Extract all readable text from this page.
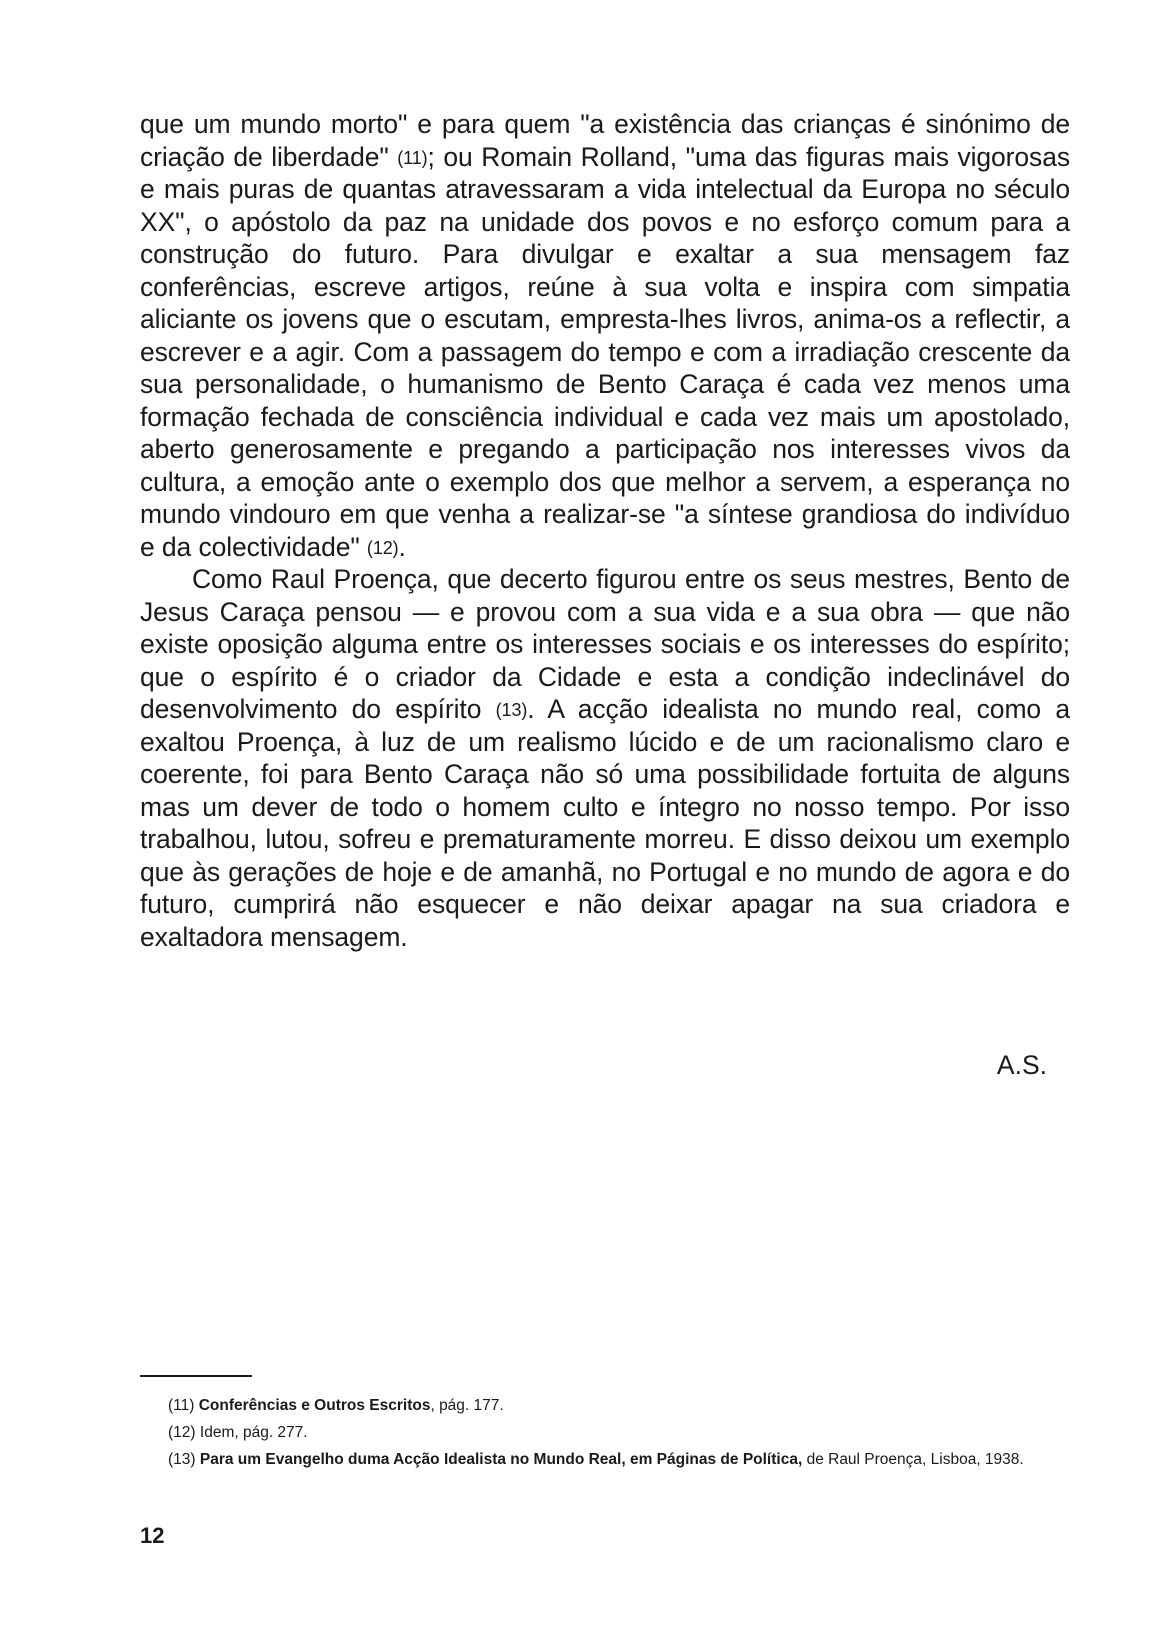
que um mundo morto" e para quem "a existência das crianças é sinónimo de criação de liberdade" $^{(11)}$; ou Romain Rolland, "uma das figuras mais vigorosas e mais puras de quantas atravessaram a vida intelectual da Europa no século XX", o apóstolo da paz na unidade dos povos e no esforço comum para a construção do futuro. Para divulgar e exaltar a sua mensagem faz conferências, escreve artigos, reúne à sua volta e inspira com simpatia aliciante os jovens que o escutam, empresta-lhes livros, anima-os a reflectir, a escrever e a agir. Com a passagem do tempo e com a irradiação crescente da sua personalidade, o humanismo de Bento Caraça é cada vez menos uma formação fechada de consciência individual e cada vez mais um apostolado, aberto generosamente e pregando a participação nos interesses vivos da cultura, a emoção ante o exemplo dos que melhor a servem, a esperança no mundo vindouro em que venha a realizar-se "a síntese grandiosa do indivíduo e da colectividade" $^{(12)}$.

Como Raul Proença, que decerto figurou entre os seus mestres, Bento de Jesus Caraça pensou — e provou com a sua vida e a sua obra — que não existe oposição alguma entre os interesses sociais e os interesses do espírito; que o espírito é o criador da Cidade e esta a condição indeclinável do desenvolvimento do espírito $^{(13)}$. A acção idealista no mundo real, como a exaltou Proença, à luz de um realismo lúcido e de um racionalismo claro e coerente, foi para Bento Caraça não só uma possibilidade fortuita de alguns mas um dever de todo o homem culto e íntegro no nosso tempo. Por isso trabalhou, lutou, sofreu e prematuramente morreu. E disso deixou um exemplo que às gerações de hoje e de amanhã, no Portugal e no mundo de agora e do futuro, cumprirá não esquecer e não deixar apagar na sua criadora e exaltadora mensagem.

A.S.

(11) Conferências e Outros Escritos, pág. 177.

(12) Idem, pág. 277.

(13) Para um Evangelho duma Acção Idealista no Mundo Real, em Páginas de Política, de Raul Proença, Lisboa, 1938.

12
